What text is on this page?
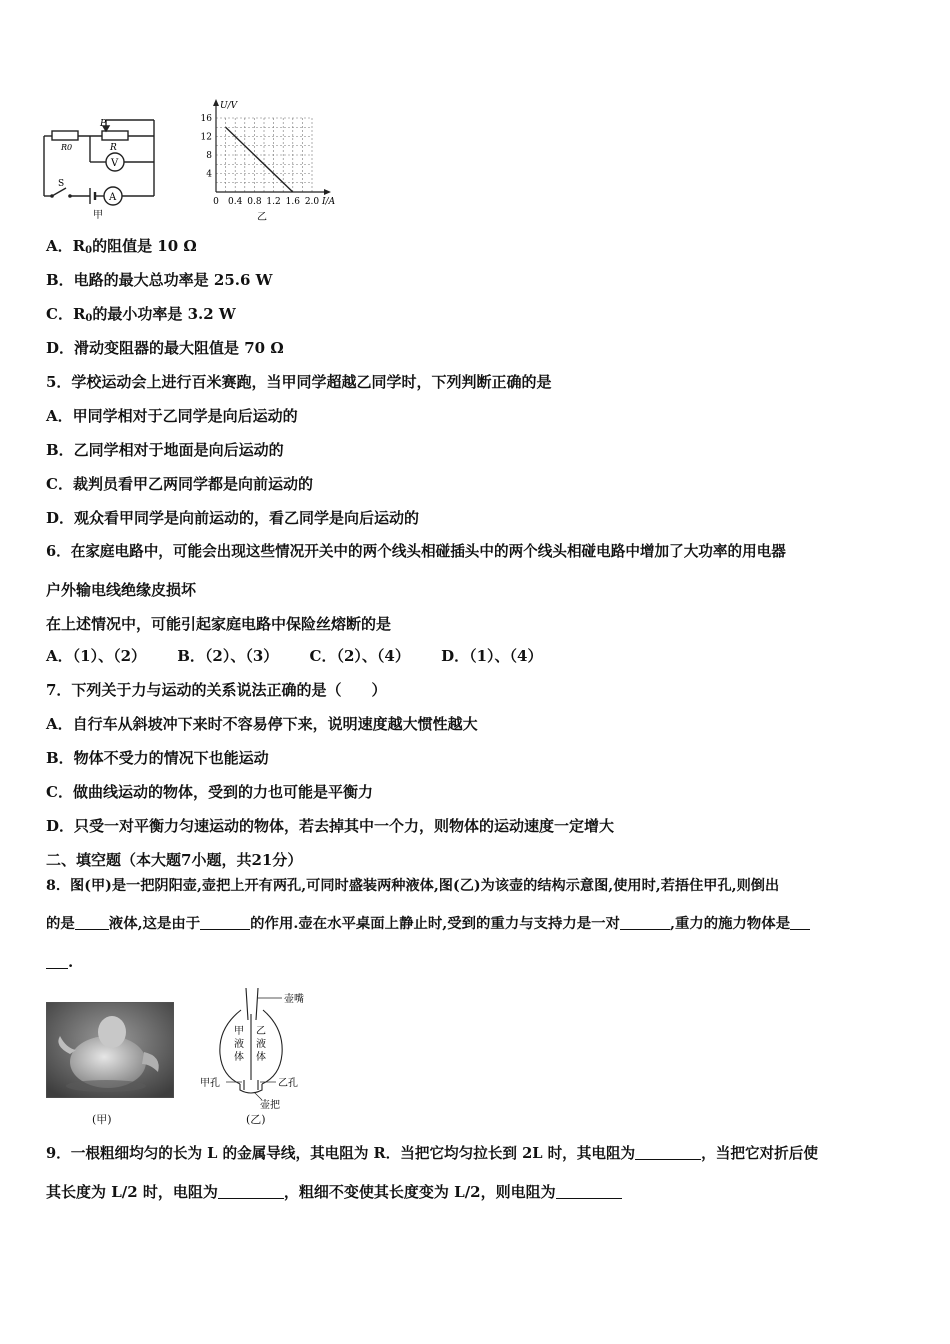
R0
P
R
V
A
S
甲
U/V
I/A
16
12
8
4
0 0.4 0.8 1.2 1.6 2.0
乙
A．$R_0$的阻值是 10 Ω
B．电路的最大总功率是 25.6 W
C．$R_0$的最小功率是 3.2 W
D．滑动变阻器的最大阻值是 70 Ω
5．学校运动会上进行百米赛跑，当甲同学超越乙同学时，下列判断正确的是
A．甲同学相对于乙同学是向后运动的
B．乙同学相对于地面是向后运动的
C．裁判员看甲乙两同学都是向前运动的
D．观众看甲同学是向前运动的，看乙同学是向后运动的
6．在家庭电路中，可能会出现这些情况开关中的两个线头相碰插头中的两个线头相碰电路中增加了大功率的用电器
户外输电线绝缘皮损坏
在上述情况中，可能引起家庭电路中保险丝熔断的是
A．（1）、（2） B．（2）、（3） C．（2）、（4） D．（1）、（4）
7．下列关于力与运动的关系说法正确的是（　　）
A．自行车从斜坡冲下来时不容易停下来，说明速度越大惯性越大
B．物体不受力的情况下也能运动
C．做曲线运动的物体，受到的力也可能是平衡力
D．只受一对平衡力匀速运动的物体，若去掉其中一个力，则物体的运动速度一定增大
二、填空题（本大题7小题，共21分）
8．图(甲)是一把阴阳壶,壶把上开有两孔,可同时盛装两种液体,图(乙)为该壶的结构示意图,使用时,若捂住甲孔,则倒出
的是 液体,这是由于	的作用.壶在水平桌面上静止时,受到的重力与支持力是一对	,重力的施力物体是
.
(甲)
壶嘴
甲 液 体
乙 液 体
甲孔	乙孔
壶把
(乙)
9．一根粗细均匀的长为 L 的金属导线，其电阻为 R．当把它均匀拉长到 2L 时，其电阻为	，当把它对折后使
其长度为 L/2 时，电阻为	，粗细不变使其长度变为 L/2，则电阻为
